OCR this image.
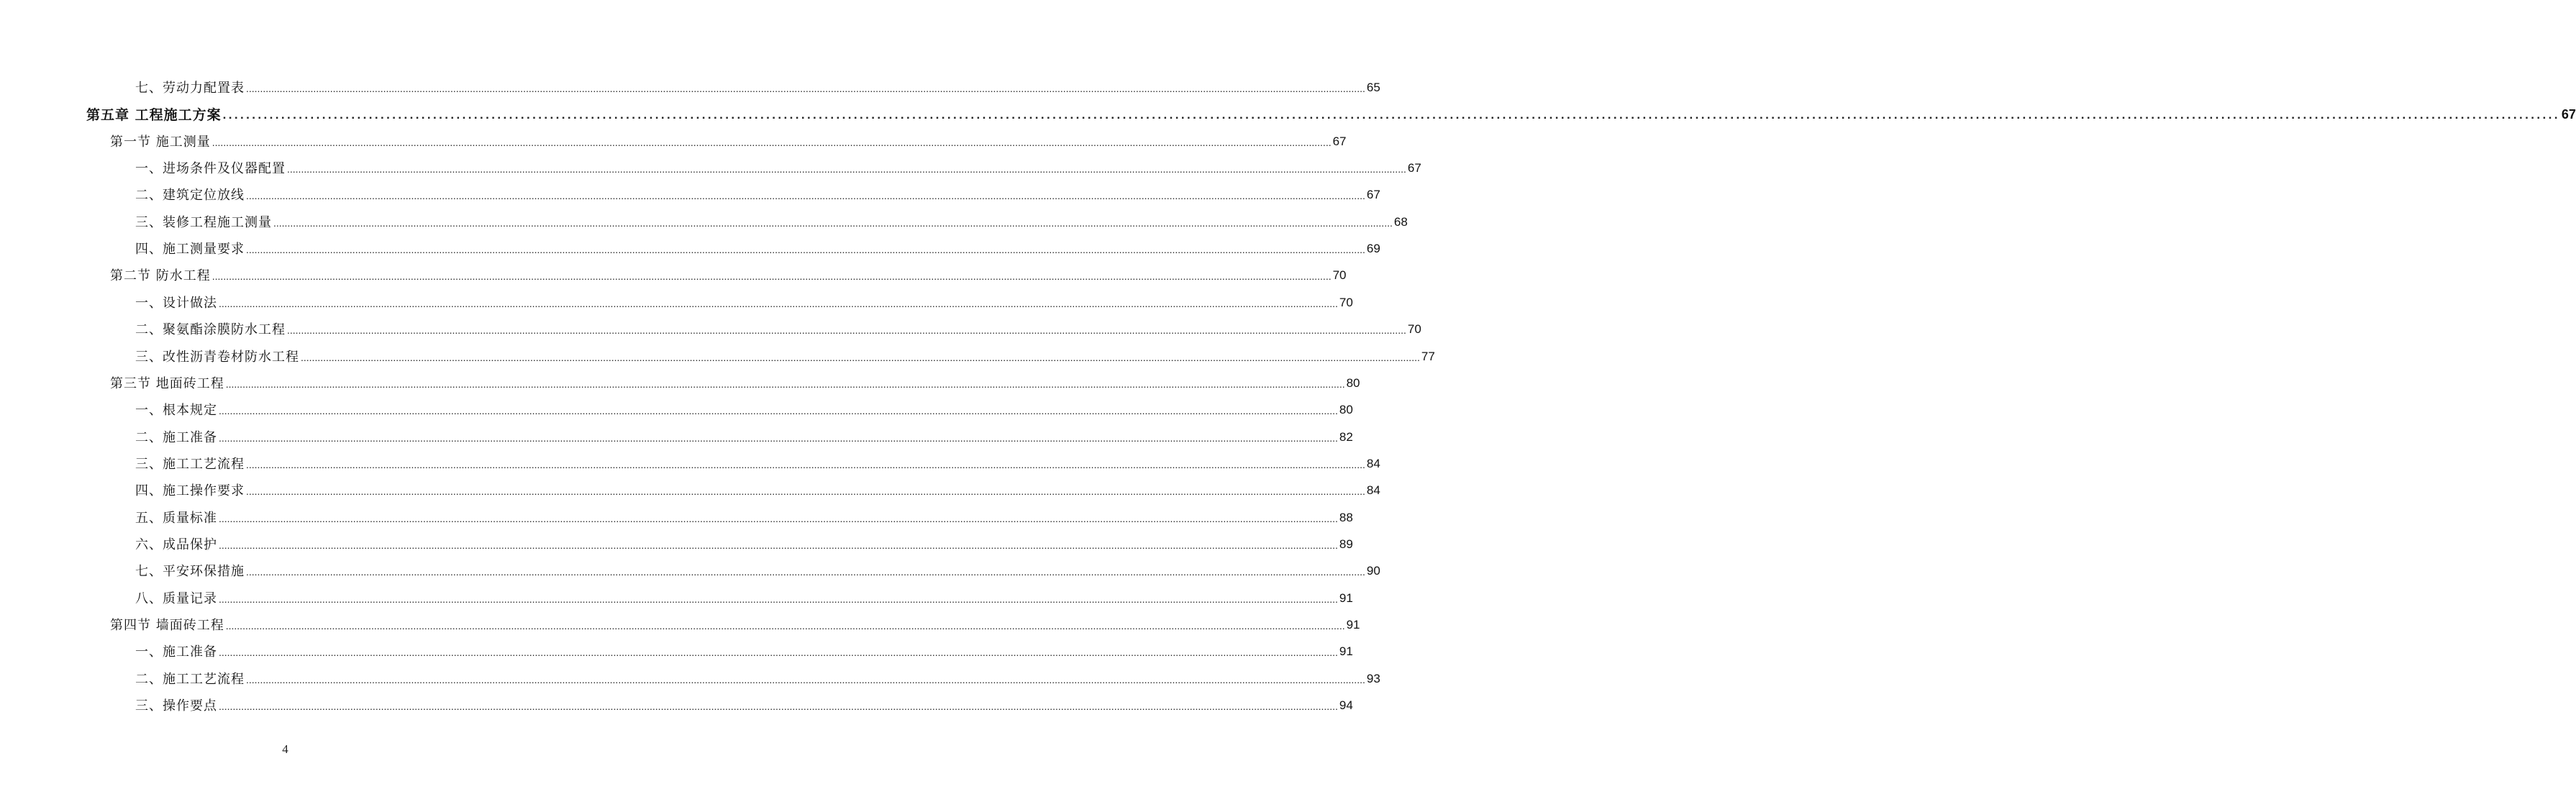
七、劳动力配置表 ................................................................................................................................................................................................................................................................................................................................................................................................................ 65
第五章 工程施工方案 ................................................................................................................................................................................................................................................................................................................................................................................................................ 67
第一节 施工测量 ................................................................................................................................................................................................................................................................................................................................................................................................................ 67
一、进场条件及仪器配置 ................................................................................................................................................................................................................................................................................................................................................................................................................ 67
二、建筑定位放线 ................................................................................................................................................................................................................................................................................................................................................................................................................ 67
三、装修工程施工测量 ................................................................................................................................................................................................................................................................................................................................................................................................................ 68
四、施工测量要求 ................................................................................................................................................................................................................................................................................................................................................................................................................ 69
第二节 防水工程 ................................................................................................................................................................................................................................................................................................................................................................................................................ 70
一、设计做法 ................................................................................................................................................................................................................................................................................................................................................................................................................ 70
二、聚氨酯涂膜防水工程 ................................................................................................................................................................................................................................................................................................................................................................................................................ 70
三、改性沥青卷材防水工程 ................................................................................................................................................................................................................................................................................................................................................................................................................ 77
第三节 地面砖工程 ................................................................................................................................................................................................................................................................................................................................................................................................................ 80
一、根本规定 ................................................................................................................................................................................................................................................................................................................................................................................................................ 80
二、施工准备 ................................................................................................................................................................................................................................................................................................................................................................................................................ 82
三、施工工艺流程 ................................................................................................................................................................................................................................................................................................................................................................................................................ 84
四、施工操作要求 ................................................................................................................................................................................................................................................................................................................................................................................................................ 84
五、质量标准 ................................................................................................................................................................................................................................................................................................................................................................................................................ 88
六、成品保护 ................................................................................................................................................................................................................................................................................................................................................................................................................ 89
七、平安环保措施 ................................................................................................................................................................................................................................................................................................................................................................................................................ 90
八、质量记录 ................................................................................................................................................................................................................................................................................................................................................................................................................ 91
第四节 墙面砖工程 ................................................................................................................................................................................................................................................................................................................................................................................................................ 91
一、施工准备 ................................................................................................................................................................................................................................................................................................................................................................................................................ 91
二、施工工艺流程 ................................................................................................................................................................................................................................................................................................................................................................................................................ 93
三、操作要点 ................................................................................................................................................................................................................................................................................................................................................................................................................ 94
4
